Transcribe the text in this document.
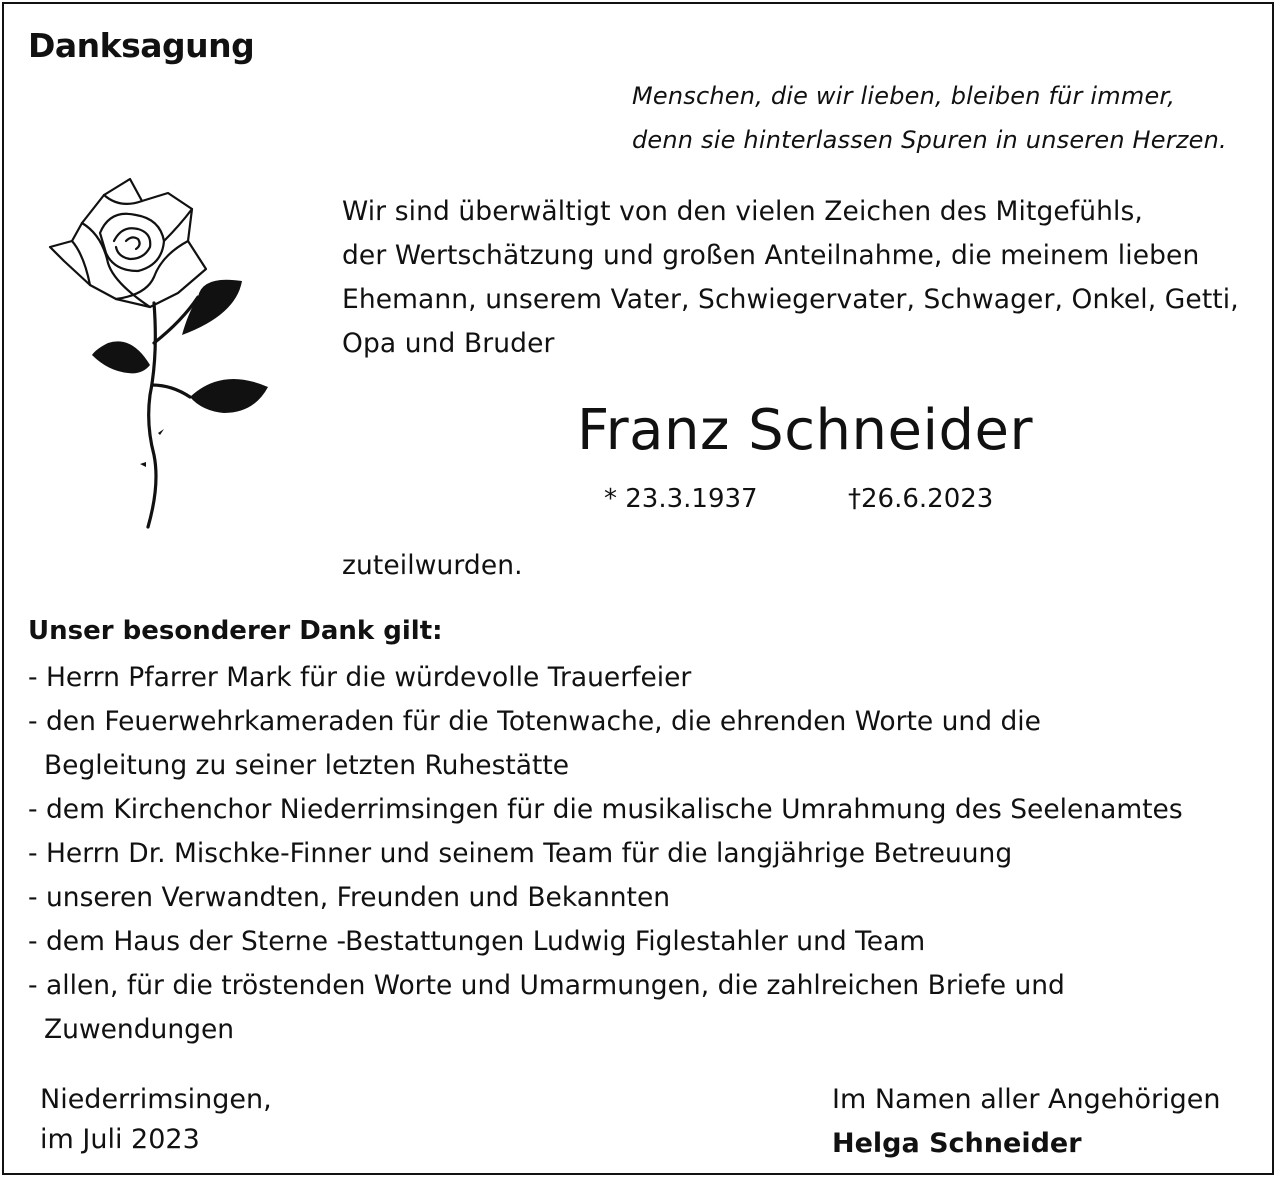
Danksagung
Menschen, die wir lieben, bleiben für immer,
denn sie hinterlassen Spuren in unseren Herzen.
Wir sind überwältigt von den vielen Zeichen des Mitgefühls,
der Wertschätzung und großen Anteilnahme, die meinem lieben
Ehemann, unserem Vater, Schwiegervater, Schwager, Onkel, Getti,
Opa und Bruder
Franz Schneider
* 23.3.1937	†26.6.2023
zuteilwurden.
Unser besonderer Dank gilt:
- Herrn Pfarrer Mark für die würdevolle Trauerfeier
- den Feuerwehrkameraden für die Totenwache, die ehrenden Worte und die
Begleitung zu seiner letzten Ruhestätte
- dem Kirchenchor Niederrimsingen für die musikalische Umrahmung des Seelenamtes
- Herrn Dr. Mischke-Finner und seinem Team für die langjährige Betreuung
- unseren Verwandten, Freunden und Bekannten
- dem Haus der Sterne -Bestattungen Ludwig Figlestahler und Team
- allen, für die tröstenden Worte und Umarmungen, die zahlreichen Briefe und
Zuwendungen
Niederrimsingen,
im Juli 2023
Im Namen aller Angehörigen
Helga Schneider
